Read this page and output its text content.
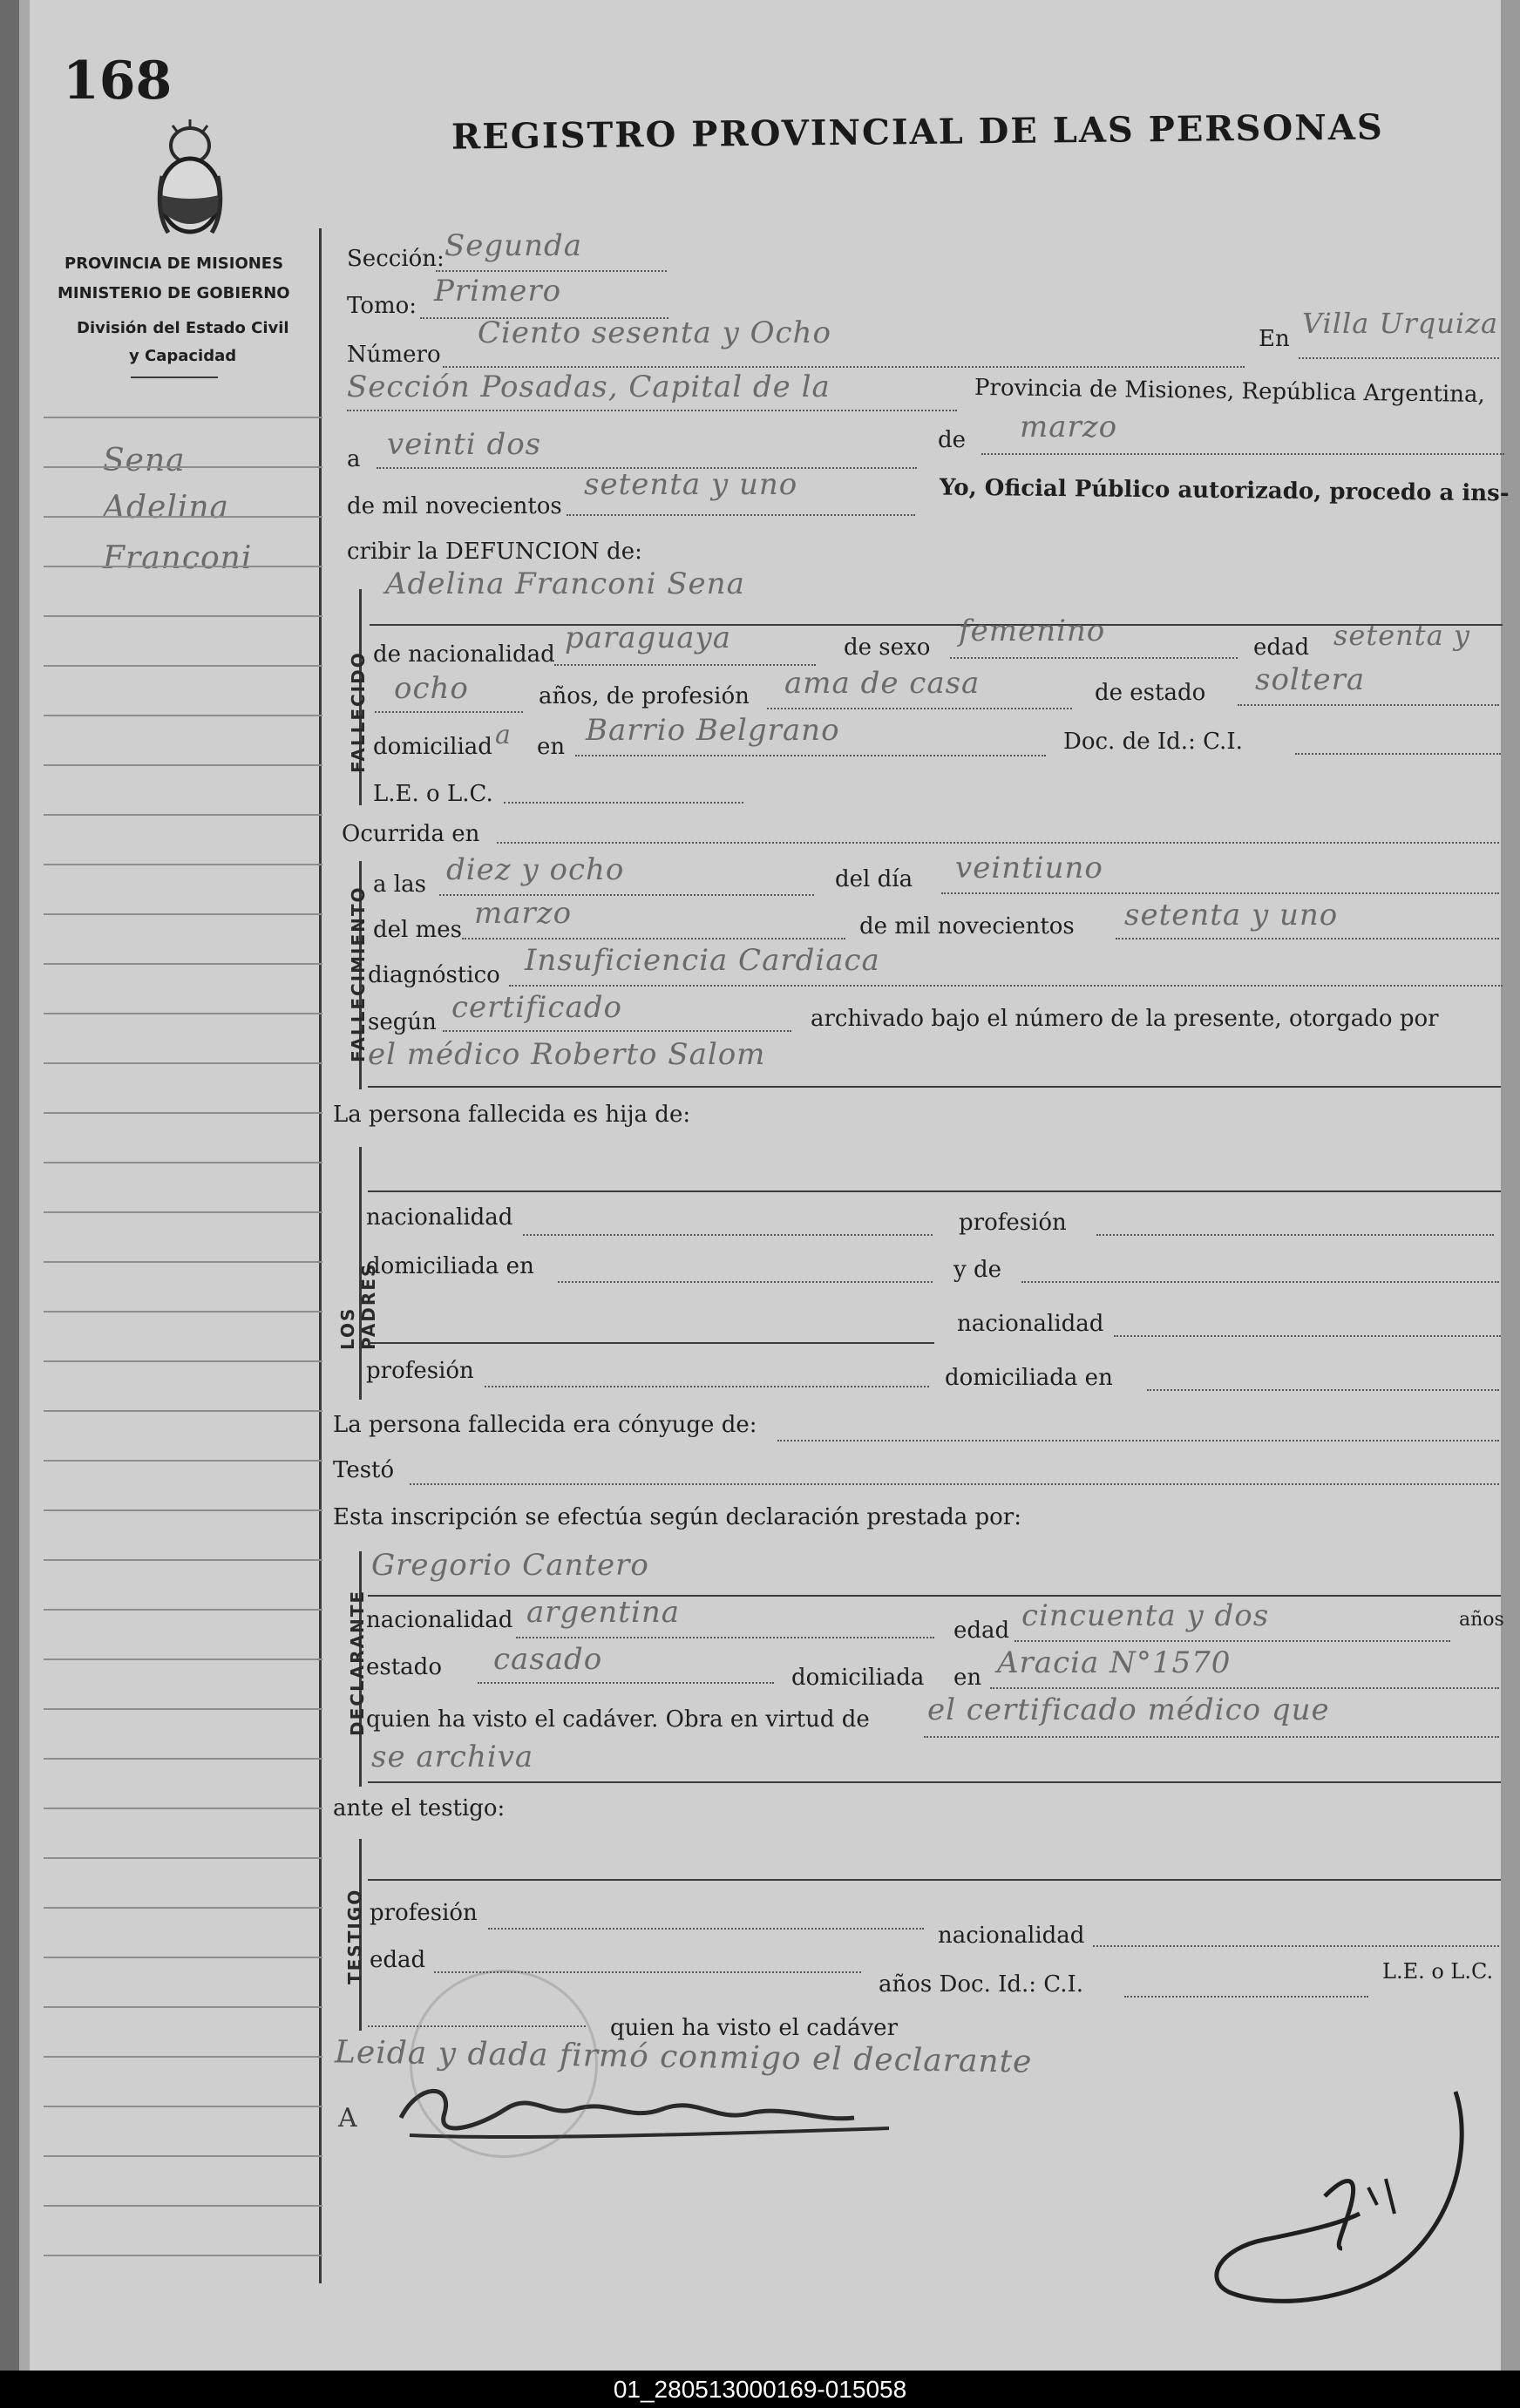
168
REGISTRO PROVINCIAL DE LAS PERSONAS
PROVINCIA DE MISIONES
MINISTERIO DE GOBIERNO
División del Estado Civil
y Capacidad
Sena
Adelina
Franconi
Sección: Segunda
Tomo: Primero
Número
Ciento sesenta y Ocho	En Villa Urquiza
Sección Posadas, Capital de la	Provincia de Misiones, República Argentina,
a veinti dos	de marzo
de mil novecientos
setenta y uno	Yo, Oficial Público autorizado, procedo a ins-
cribir la DEFUNCION de:
FALLECIDO
Adelina Franconi Sena
de nacionalidad paraguaya	de sexo femenino	edad setenta y
ocho	años, de profesión ama de casa	de estado soltera
domiciliad a en Barrio Belgrano	Doc. de Id.: C.I.
L.E. o L.C.
Ocurrida en
FALLECIMIENTO
a las diez y ocho	del día veintiuno
del mes marzo	de mil novecientos setenta y uno
diagnóstico Insuficiencia Cardiaca
según certificado	archivado bajo el número de la presente, otorgado por
el médico Roberto Salom
La persona fallecida es hija de:
LOS PADRES
nacionalidad	profesión
domiciliada en	y de
nacionalidad
profesión	domiciliada en
La persona fallecida era cónyuge de:
Testó
Esta inscripción se efectúa según declaración prestada por:
DECLARANTE
Gregorio Cantero
nacionalidad argentina
edad cincuenta y dos	años
estado casado
domiciliada en Aracia N°1570
quien ha visto el cadáver. Obra en virtud de el certificado médico que
se archiva
ante el testigo:
TESTIGO profesión
nacionalidad
edad
años Doc. Id.: C.I.	L.E. o L.C.
quien ha visto el cadáver
Leida y dada firmó conmigo el declarante
A
01_280513000169-015058
